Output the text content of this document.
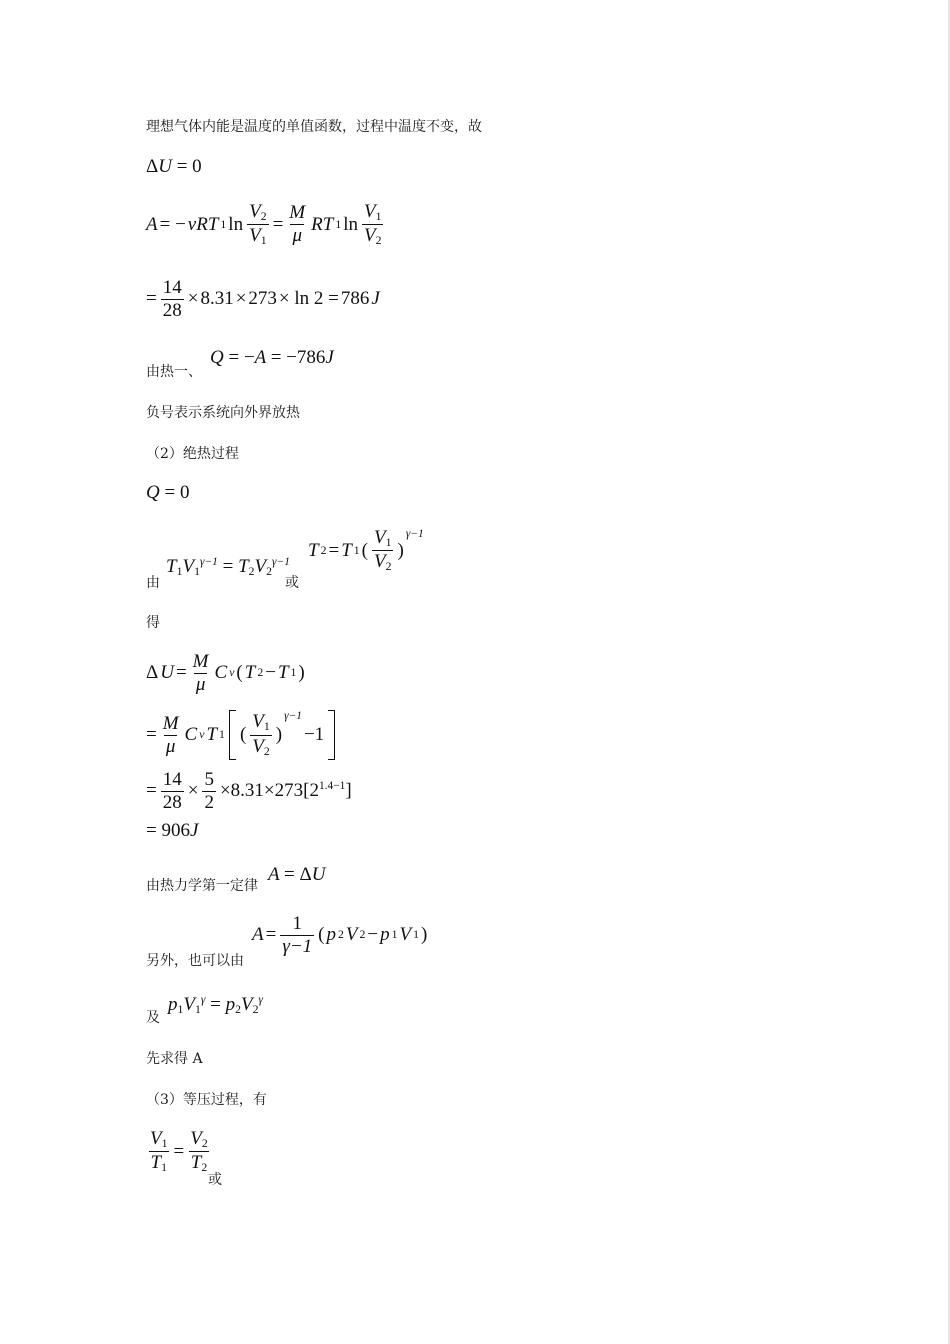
理想气体内能是温度的单值函数，过程中温度不变，故
ΔU = 0
A = − vRT 1 $\ln \frac{V_2}{V_1} = \frac{M}{\mu}$ RT 1 $\ln \frac{V_1}{V_2}$
= $\frac{14}{28} \times 8.31 \times 273 \times \ln 2 = 786$ J
由热一、
Q = −A = −786J
负号表示系统向外界放热
（2）绝热过程
Q = 0
由
$T_1V_1^{\gamma-1} = T_2V_2^{\gamma-1}$
或
T 2 = T 1 ( $\frac{V_1}{V_2}$ )
$^{\gamma-1}$
得
Δ $U = \frac{M}{\mu}$ C v ( T 2 − T 1 )
= $\frac{M}{\mu}$ C v T 1 ( $\frac{V_1}{V_2}$ )
γ−1
−1
= $\frac{14}{28} \times \frac{5}{2} \times 8.31\times 273[2^{1.4-1}]$
= 906J
由热力学第一定律
A = ΔU
$A = \frac{1}{\gamma-1}$ ( p 2 V 2 − p 1 V 1 )
另外，也可以由
及
$p_1V_1^\gamma = p_2V_2^\gamma$
先求得 A
（3）等压过程，有
$\frac{V_1}{T_1} = \frac{V_2}{T_2}$
或
